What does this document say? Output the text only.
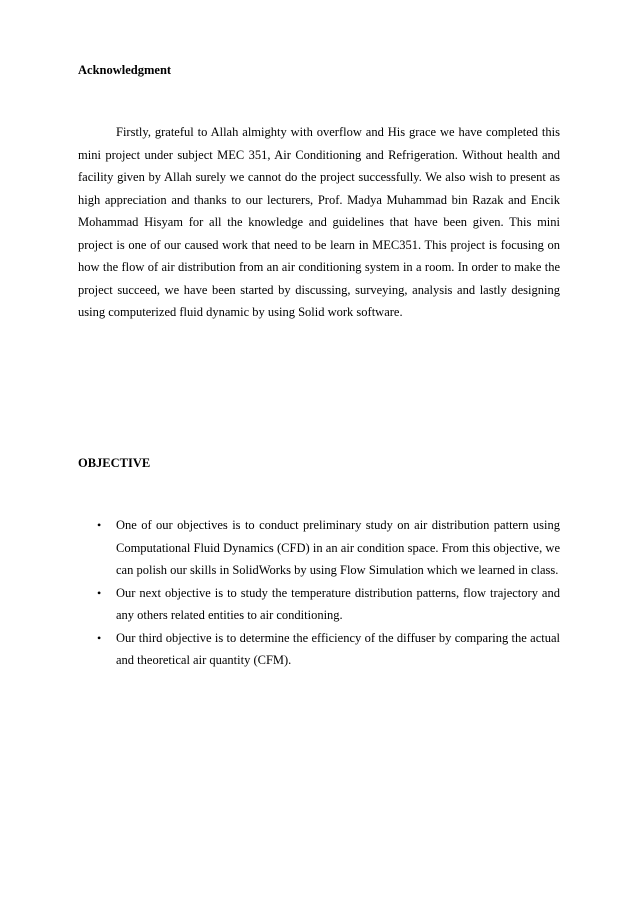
Acknowledgment

Firstly, grateful to Allah almighty with overflow and His grace we have completed this mini project under subject MEC 351, Air Conditioning and Refrigeration. Without health and facility given by Allah surely we cannot do the project successfully. We also wish to present as high appreciation and thanks to our lecturers, Prof. Madya Muhammad bin Razak and Encik Mohammad Hisyam for all the knowledge and guidelines that have been given. This mini project is one of our caused work that need to be learn in MEC351. This project is focusing on how the flow of air distribution from an air conditioning system in a room. In order to make the project succeed, we have been started by discussing, surveying, analysis and lastly designing using computerized fluid dynamic by using Solid work software.

OBJECTIVE
• One of our objectives is to conduct preliminary study on air distribution pattern using Computational Fluid Dynamics (CFD) in an air condition space. From this objective, we can polish our skills in SolidWorks by using Flow Simulation which we learned in class.
• Our next objective is to study the temperature distribution patterns, flow trajectory and any others related entities to air conditioning.
• Our third objective is to determine the efficiency of the diffuser by comparing the actual and theoretical air quantity (CFM).
